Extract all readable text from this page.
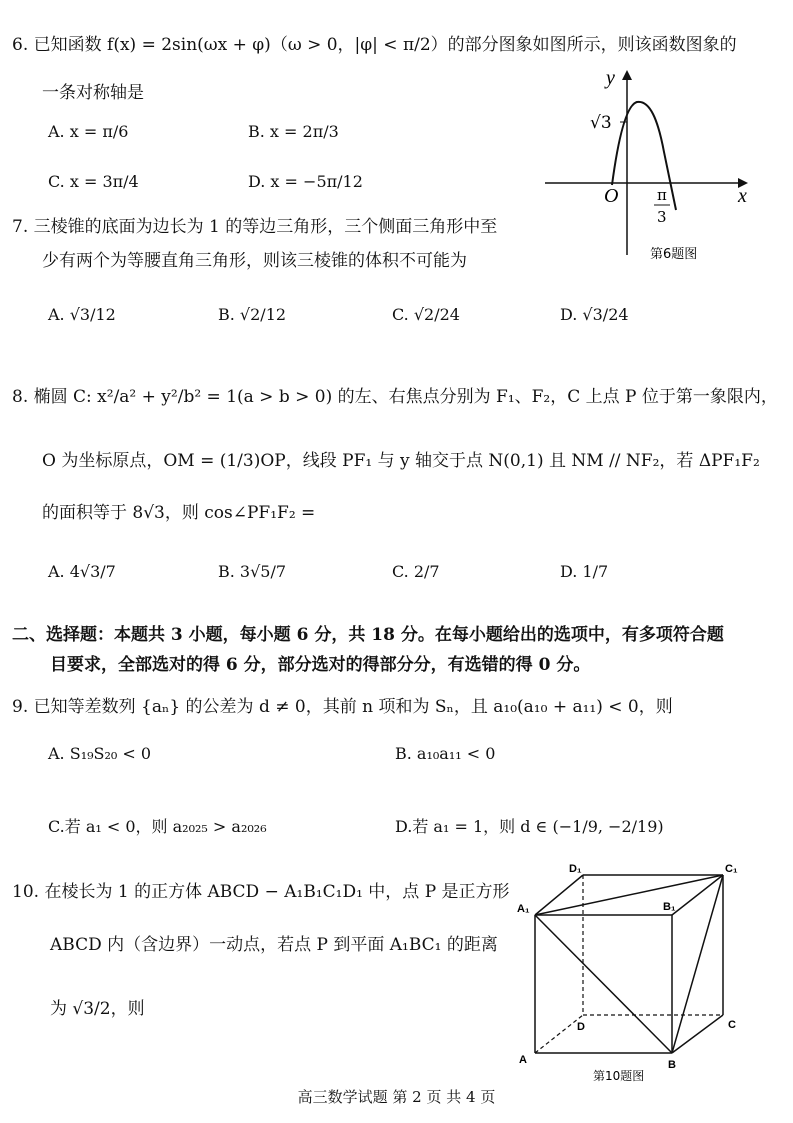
6. 已知函数 f(x) = 2sin(ωx + φ)（ω > 0，|φ| < π/2）的部分图象如图所示，则该函数图象的
一条对称轴是
A. x = π/6	B. x = 2π/3
C. x = 3π/4	D. x = −5π/12
y
x
O
√3
π
3
第6题图
7. 三棱锥的底面为边长为 1 的等边三角形，三个侧面三角形中至
少有两个为等腰直角三角形，则该三棱锥的体积不可能为
A. √3/12	B. √2/12	C. √2/24	D. √3/24
8. 椭圆 C: x²/a² + y²/b² = 1(a > b > 0) 的左、右焦点分别为 F₁、F₂，C 上点 P 位于第一象限内，
O 为坐标原点，OM = (1/3)OP，线段 PF₁ 与 y 轴交于点 N(0,1) 且 NM // NF₂，若 ΔPF₁F₂
的面积等于 8√3，则 cos∠PF₁F₂ =
A. 4√3/7	B. 3√5/7	C. 2/7	D. 1/7
二、选择题：本题共 3 小题，每小题 6 分，共 18 分。在每小题给出的选项中，有多项符合题
目要求，全部选对的得 6 分，部分选对的得部分分，有选错的得 0 分。
9. 已知等差数列 {aₙ} 的公差为 d ≠ 0，其前 n 项和为 Sₙ，且 a₁₀(a₁₀ + a₁₁) < 0，则
A. S₁₉S₂₀ < 0	B. a₁₀a₁₁ < 0
C.若 a₁ < 0，则 a₂₀₂₅ > a₂₀₂₆	D.若 a₁ = 1，则 d ∈ (−1/9, −2/19)
10. 在棱长为 1 的正方体 ABCD − A₁B₁C₁D₁ 中，点 P 是正方形
ABCD 内（含边界）一动点，若点 P 到平面 A₁BC₁ 的距离
为 √3/2，则
D₁	C₁
A₁	B₁
D	C
A	B
第10题图
高三数学试题 第 2 页 共 4 页
